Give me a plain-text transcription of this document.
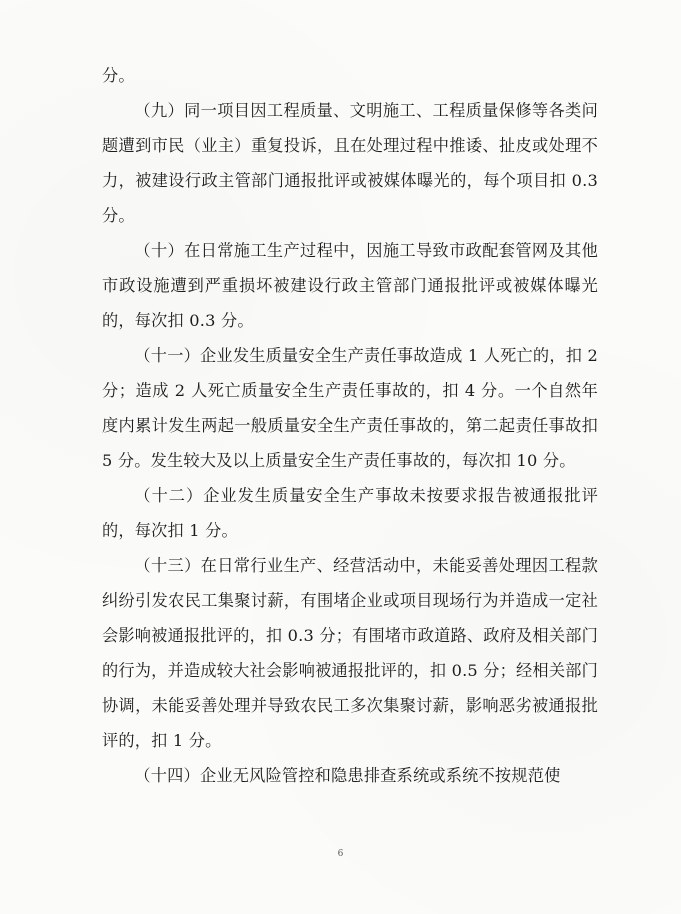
分。

（九）同一项目因工程质量、文明施工、工程质量保修等各类问题遭到市民（业主）重复投诉，且在处理过程中推诿、扯皮或处理不力，被建设行政主管部门通报批评或被媒体曝光的，每个项目扣 0.3 分。

（十）在日常施工生产过程中，因施工导致市政配套管网及其他市政设施遭到严重损坏被建设行政主管部门通报批评或被媒体曝光的，每次扣 0.3 分。

（十一）企业发生质量安全生产责任事故造成 1 人死亡的，扣 2 分；造成 2 人死亡质量安全生产责任事故的，扣 4 分。一个自然年度内累计发生两起一般质量安全生产责任事故的，第二起责任事故扣 5 分。发生较大及以上质量安全生产责任事故的，每次扣 10 分。

（十二）企业发生质量安全生产事故未按要求报告被通报批评的，每次扣 1 分。

（十三）在日常行业生产、经营活动中，未能妥善处理因工程款纠纷引发农民工集聚讨薪，有围堵企业或项目现场行为并造成一定社会影响被通报批评的，扣 0.3 分；有围堵市政道路、政府及相关部门的行为，并造成较大社会影响被通报批评的，扣 0.5 分；经相关部门协调，未能妥善处理并导致农民工多次集聚讨薪，影响恶劣被通报批评的，扣 1 分。

（十四）企业无风险管控和隐患排查系统或系统不按规范使

6
